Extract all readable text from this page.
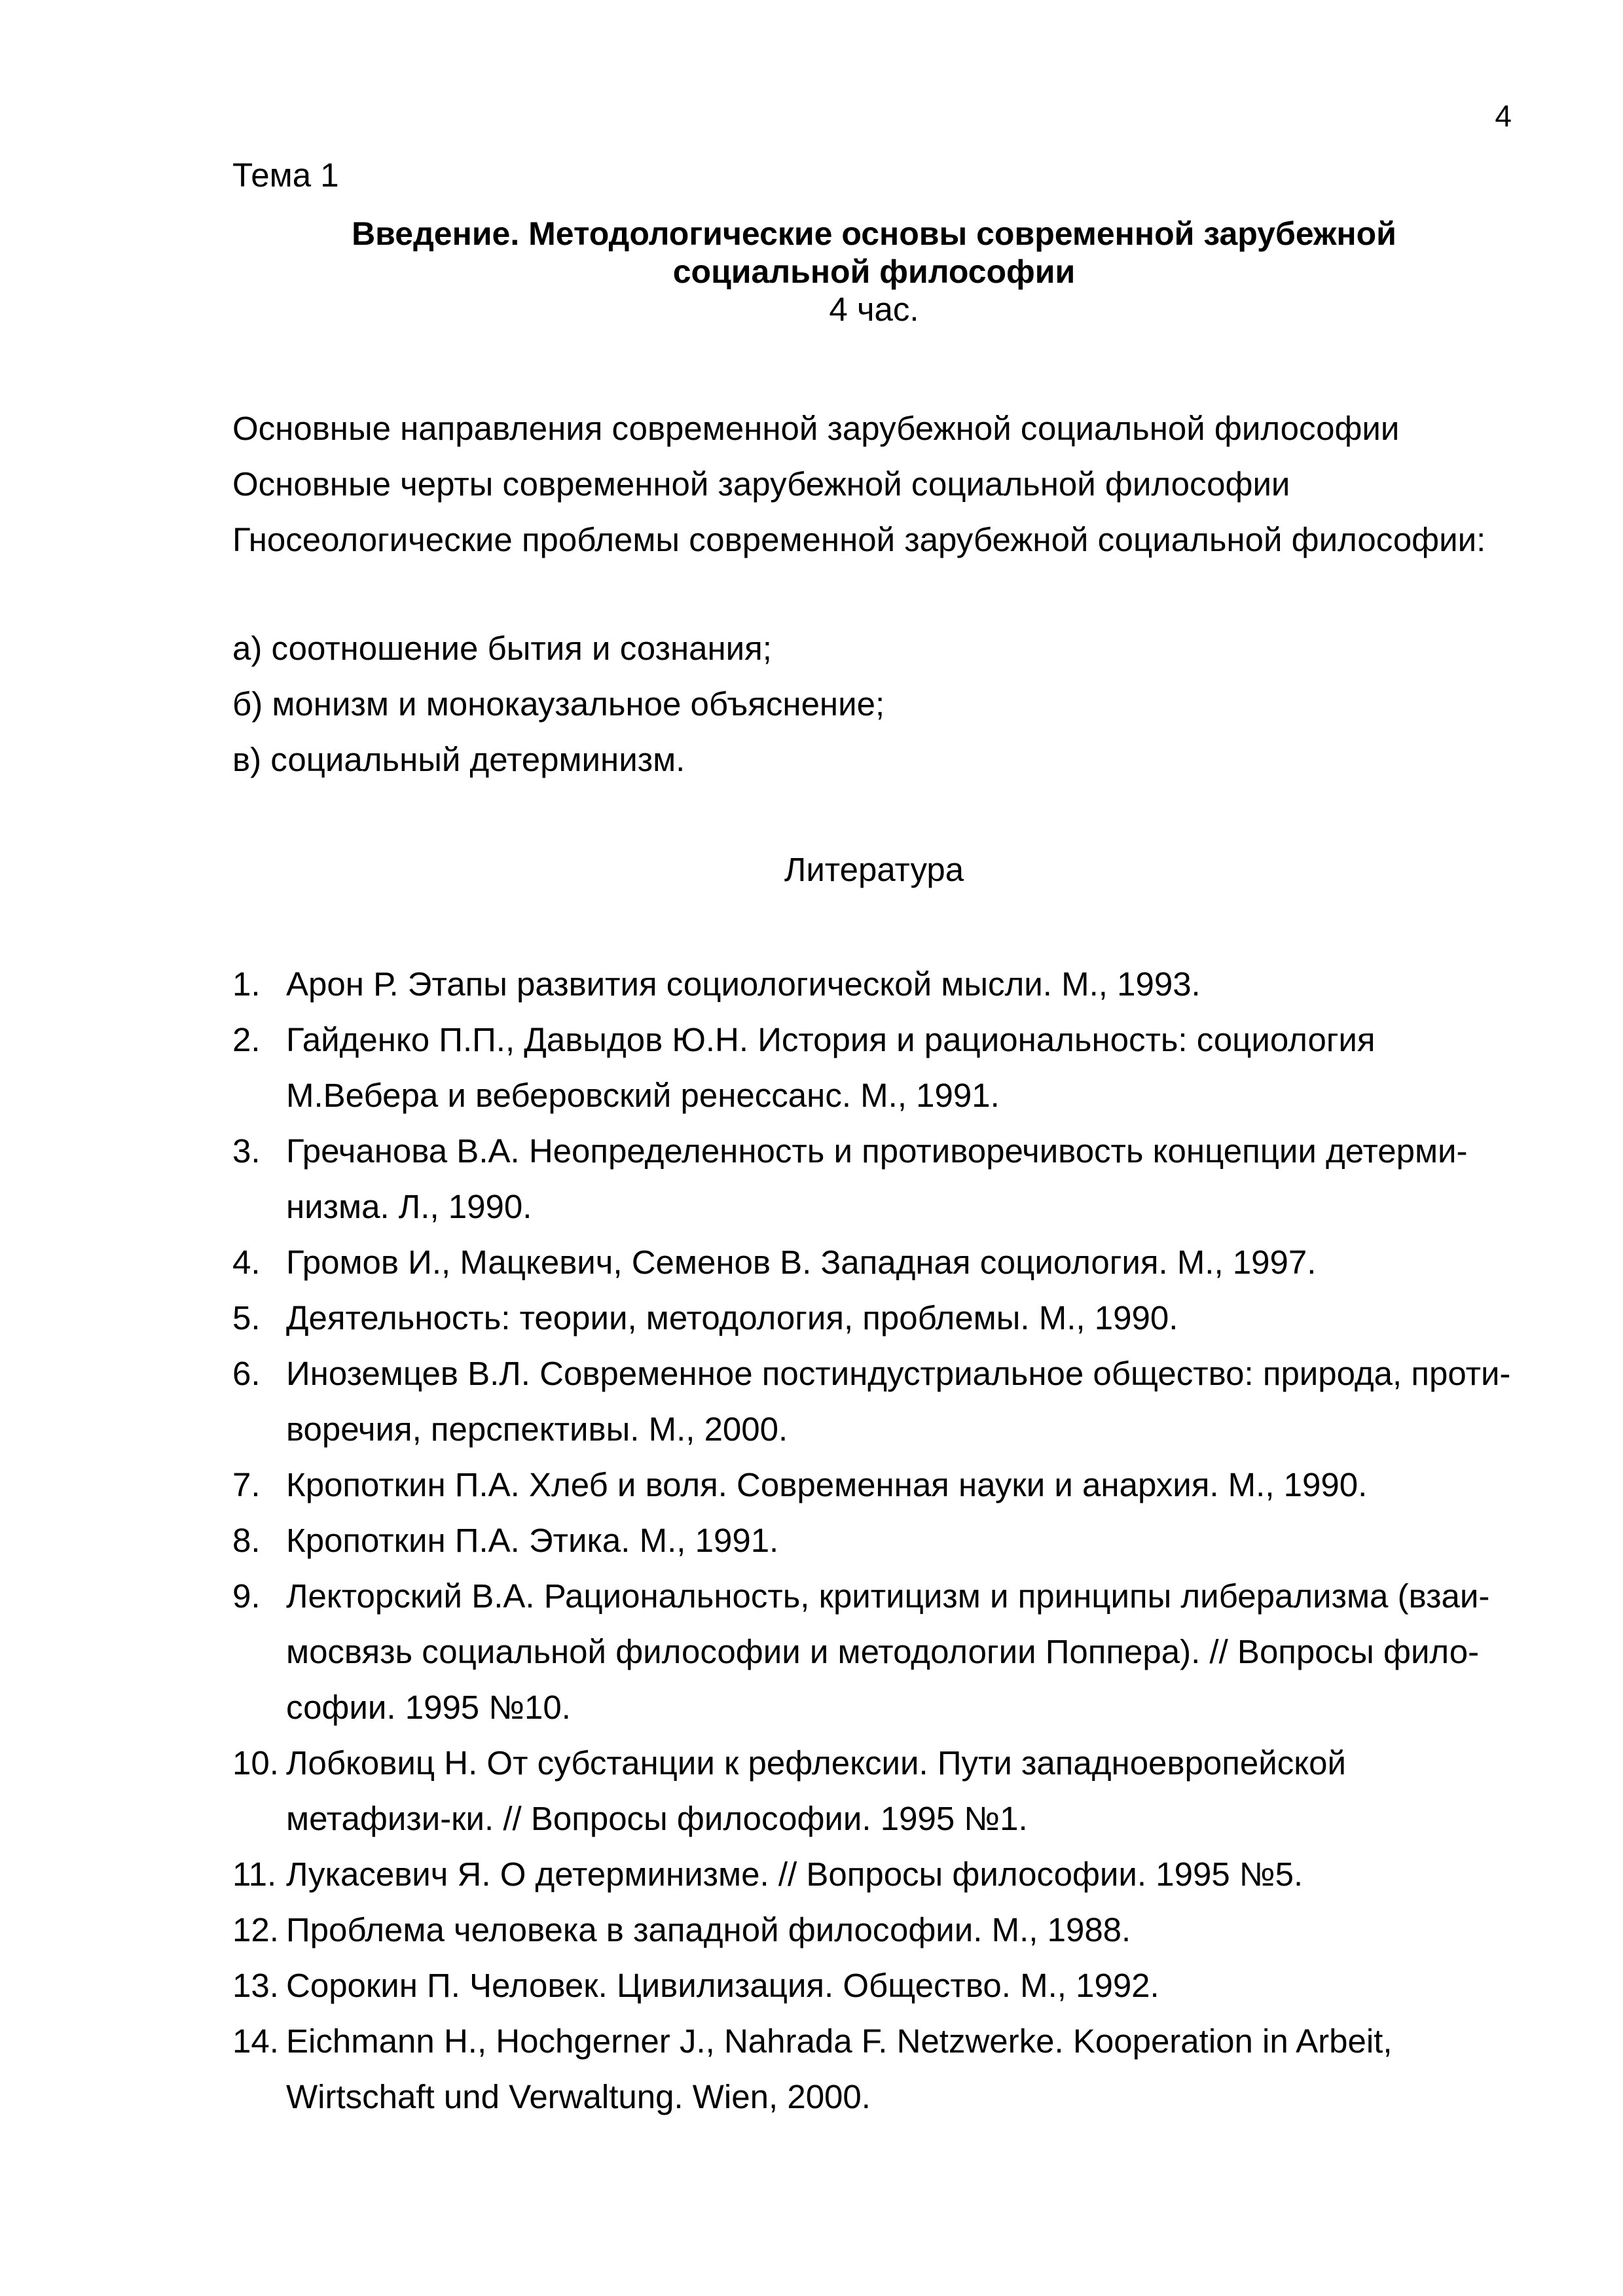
4
Тема 1
Введение. Методологические основы современной зарубежной
социальной философии
4 час.
Основные направления современной зарубежной социальной философии
Основные черты современной зарубежной социальной философии
Гносеологические проблемы современной зарубежной социальной философии:
а) соотношение бытия и сознания;
б) монизм и монокаузальное объяснение;
в) социальный детерминизм.
Литература
1. Арон Р. Этапы развития социологической мысли. М., 1993.
2. Гайденко П.П., Давыдов Ю.Н. История и рациональность: социология М.Вебера и веберовский ренессанс. М., 1991.
3. Гречанова В.А. Неопределенность и противоречивость концепции детерми-низма. Л., 1990.
4. Громов И., Мацкевич, Семенов В. Западная социология. М., 1997.
5. Деятельность: теории, методология, проблемы. М., 1990.
6. Иноземцев В.Л. Современное постиндустриальное общество: природа, проти-воречия, перспективы. М., 2000.
7. Кропоткин П.А. Хлеб и воля. Современная науки и анархия. М., 1990.
8. Кропоткин П.А. Этика. М., 1991.
9. Лекторский В.А. Рациональность, критицизм и принципы либерализма (взаи-мосвязь социальной философии и методологии Поппера). // Вопросы фило-софии. 1995 №10.
10. Лобковиц Н. От субстанции к рефлексии. Пути западноевропейской метафизи-ки. // Вопросы философии. 1995 №1.
11. Лукасевич Я. О детерминизме. // Вопросы философии. 1995 №5.
12. Проблема человека в западной философии. М., 1988.
13. Сорокин П. Человек. Цивилизация. Общество. М., 1992.
14. Eichmann H., Hochgerner J., Nahrada F. Netzwerke. Kooperation in Arbeit, Wirtschaft und Verwaltung. Wien, 2000.
